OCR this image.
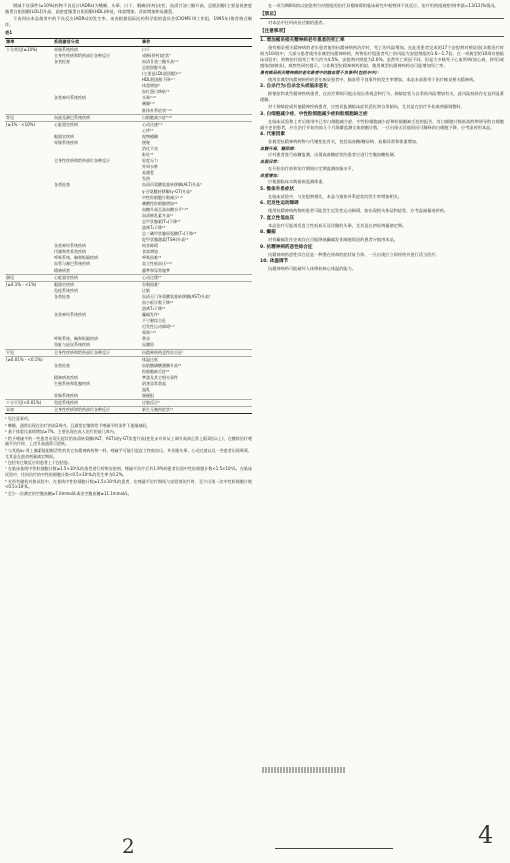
增减不良事件(≥10%)药物不良反应(ADRs)为嗜睡、头晕、口干、咽痛(伴药)皮状，血清甘油三酯升高，总胆固醇(主要是低密度脂蛋白胆固醇[LDL])升高，高密度脂蛋白胆固醇(HDL)降低，体重增加。食欲增加和易激惹。

下表列出本品使用中的不良反应(ADRs)的发生率。该表根据国际医药科学组织委员会(CIOMS III工作组，1995年)推荐格式制作。

表1
频率	系统器官分类	事件
十分常见(≥10%)	胃肠系统疾病	口干
	全身性疾病和给药部位各种反应	戒断(停药)症状¹
	各类检查	血清甘油三酯升高²·⁶
		总胆固醇升高
		(主要是LDL胆固醇)¹·⁶
		HDL胆固醇下降¹·⁷
		体重增加⁸
		血红蛋白降低²³
	各类神经系统疾病	头晕⁴·¹⁶
		嗜睡²·⁸
		锥体外系症状¹·²¹
常见	血液及淋巴系统疾病	白细胞减少症⁸·²⁸
(≥1% - <10%)	心脏器官疾病	心动过速⁴·⁶
		心悸²³
	眼器官疾病	视物模糊
	胃肠系统疾病	便秘
		消化不良
		呕吐²⁵
	全身性疾病和给药部位各种反应	轻度无力
		外周水肿
		易激惹
		发热
	各类检查	血清丙氨酸氨基转移酶(ALT)升高³
		γ-谷氨酰转移酶(γ-GT)升高³
		中性粒细胞计数减少¹·⁸
		嗜酸性粒细胞增加²⁴
		血糖升高至高血糖水平⁶·²⁹
		血清催乳素升高¹⁰
		总甲状腺素(T₄)下降¹⁵
		游离T₄下降¹⁵
		总三碘甲状腺原氨酸(T₃)下降¹⁵
		促甲状腺激素(TSH)升高¹⁵
	各类神经系统疾病	构音障碍
	代谢和营养类疾病	食欲增加
	呼吸系统、胸和纵隔疾病	呼吸困难²³
	血管与淋巴系统疾病	直立性低血压⁴·¹⁶
	精神病类	噩梦和异常做梦
偶见	心脏器官疾病	心动过缓²⁷
(≥0.1% - <1%)	眼器官疾病	吞咽困难⁷
	免疫系统疾病	过敏
	各类检查	血清天门冬氨酸氨基转移酶(AST)升高³
		血小板计数下降¹⁴
		游离T₃下降¹⁵
	各类神经系统疾病	癫痫发作¹
		不宁腿综合征
		迟发性运动障碍¹·⁶
		晕厥⁴·¹⁶
	呼吸系统、胸和纵隔疾病	鼻炎
	肾脏与泌尿系统疾病	尿潴留
罕见	全身性疾病和给药部位各种反应	抗精神病药恶性综合征¹
(≥0.01% - <0.1%)		体温过低
	各类检查	血肌酸磷酸激酶升高¹⁸
		粒细胞缺乏症²⁶
	精神病类疾病	梦游及其它相关事件
	生殖系统和乳腺疾病	阴茎异常勃起
		溢乳
	胃肠系统疾病	肠梗阻
十分罕见(<0.01%)	免疫系统疾病	过敏反应⁵
未知	全身性疾病和给药部位各种反应	新生儿撤药症状¹⁹

¹ 见注意事项。

² 嗜睡，通常出现在治疗的前2周内，且通常在继续给予喹硫平的条件下逐渐减轻。

³ 基于体重比基线增加≥7%。主要出现在成人治疗的前几周内。

⁴ 给予喹硫平的一些患者出现无症状的血清转氨酶(ALT、AST)或γ-GT浓度升高(变化未对单从上调升高到正常上限3倍以上)，在继续治疗喹硫平治疗时，上述升高通常可逆转。

⁵ 与其他α₁-肾上腺素能阻断活性的其它抗精神病药物一样，喹硫平可能引起直立性低血压，并伴随头晕、心动过速以及一些患者出现晕厥，尤其是在最初剂量滴定期间。

⁶ 包括有过敏反应的患者上不包括患。

⁷ 在临床基线中性粒细胞计数≥1.5×10⁹/L的患者进行药物安慰剂、喹硫平治疗后有1.9%的患者出现中性粒细胞计数<1.5×10⁹/L。在临床试验中，任何治疗的中性粒细胞计数<0.5×10⁹/L的发生率为0.2%。

⁸ 在所有随机对照试验中，在基线中性粒细胞计数≥1.5×10⁹/L的患者，在喹硫平治疗期间与安慰剂治疗时，至少出现一次中性粒细胞计数<0.5×10⁹/L。

⁹ 至少一次测定的空腹血糖≥7.0mmol/L或非空腹血糖≥11.1mmol/L。

在一项为期8周的以安慰剂为对照组的治疗双相障碍的临床研究中观察到不良反应，治疗用药组观察到(率最=13/12)%情况。

【禁忌】

对本品中任何成份过敏的患者。

【注意事项】
1. 增加痴呆相关精神病老年患者的死亡率

患有痴呆相关精神病的老年患者使用抗精神病药治疗时，死亡的风险增加。在此类患者完成的17个安慰剂对照试验(众数治疗时间为10周)中，大部分患者使用非典型抗精神病药，药物治疗组患者死亡的风险为安慰剂组的1.6～1.7倍。在一项典型的10周对照临床试验中，药物治疗组死亡率大约为4.5%，安慰剂对照组为2.6%。虽然死亡原因不同，但是大多数死于心血管病(如心衰、猝死)或感染(如肺炎)。观察性研究提示，与非典型抗精神病药相似，使用典型抗精神病药也可能增加死亡率。

患有痴呆相关精神病的老年患者中的脑血管不良事件(包括卒中)：

使用非典型抗精神病药的老年痴呆患者中，脑血管不良事件的发生率增加。本品未获准用于治疗痴呆相关精神病。

2. 自杀行为/自杀念头或临床恶化

抑郁症和某些精神疾病患者，在治疗期间可能出现自杀观念和行为。抑郁症状与自杀的风险增加有关。此风险持续存在直到显著缓解。

对于抑郁症或其他精神疾病患者，应密切监测临床症状恶化和自杀倾向，尤其是在治疗开始或剂量调整时。

3. 白细胞减少症、中性粒细胞减少症和粒细胞缺乏症

在临床试验和上市后使用中已有白细胞减少症、中性粒细胞减少症和粒细胞缺乏症的报告。有白细胞计数低或药物诱导的白细胞减少史的患者，应在治疗开始的前几个月频繁监测全血细胞计数，一旦出现无其他原因可解释的白细胞下降，应考虑停用本品。

4. 代谢因素

非典型抗精神病药物与代谢变化有关，包括高血糖/糖尿病、血脂异常和体重增加。

血糖升高、糖尿病：

应对患者进行血糖监测，出现高血糖症状的患者应进行空腹血糖检测。

血脂异常：

在开始治疗前和治疗期间应定期监测血脂水平。

体重增加：

应根据临床实践指南监测体重。

5. 锥体外系症状

在临床试验中，与安慰剂相比，本品与锥体外系症状的发生率增加相关。

6. 迟发性运动障碍

使用抗精神病药物的患者可能发生迟发性运动障碍，如出现相关体征和症状，应考虑减量或停药。

7. 直立性低血压

本品治疗可能诱发直立性低血压及伴随的头晕，尤其是在初始剂量滴定期。

8. 癫痫

对有癫痫发作史或存在可能降低癫痫发作阈值情况的患者应慎用本品。

9. 抗精神病药恶性综合征

抗精神病药恶性综合征是一种潜在致命的症状复合体，一旦出现应立即停药并进行适当治疗。

10. 体温调节

抗精神病药可能破坏人体降低核心体温的能力。

2	4
